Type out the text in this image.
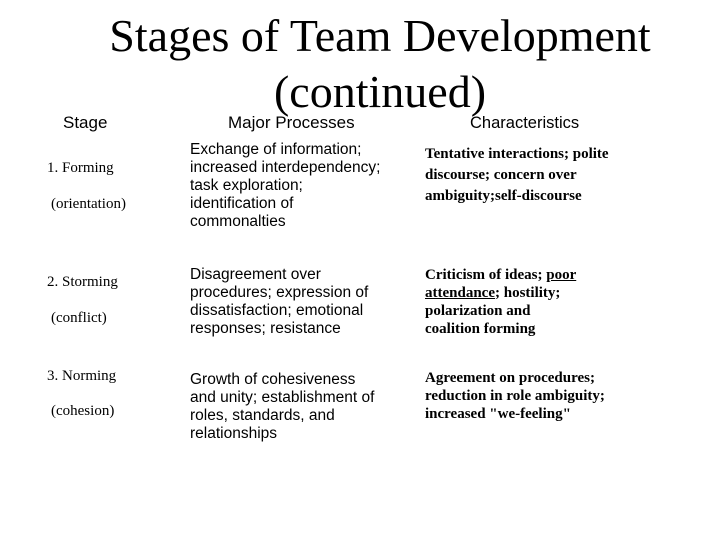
Stages of Team Development
(continued)
Stage	Major Processes	Characteristics
1. Forming
(orientation)
Exchange of information;
increased interdependency;
task exploration;
identification of
commonalties
Tentative interactions; polite
discourse; concern over
ambiguity;self-discourse
2. Storming
(conflict)
Disagreement over
procedures; expression of
dissatisfaction; emotional
responses; resistance
Criticism of ideas; poor
attendance; hostility;
polarization and
coalition forming
3. Norming
(cohesion)
Growth of cohesiveness
and unity; establishment of
roles, standards, and
relationships
Agreement on procedures;
reduction in role ambiguity;
increased "we-feeling"
